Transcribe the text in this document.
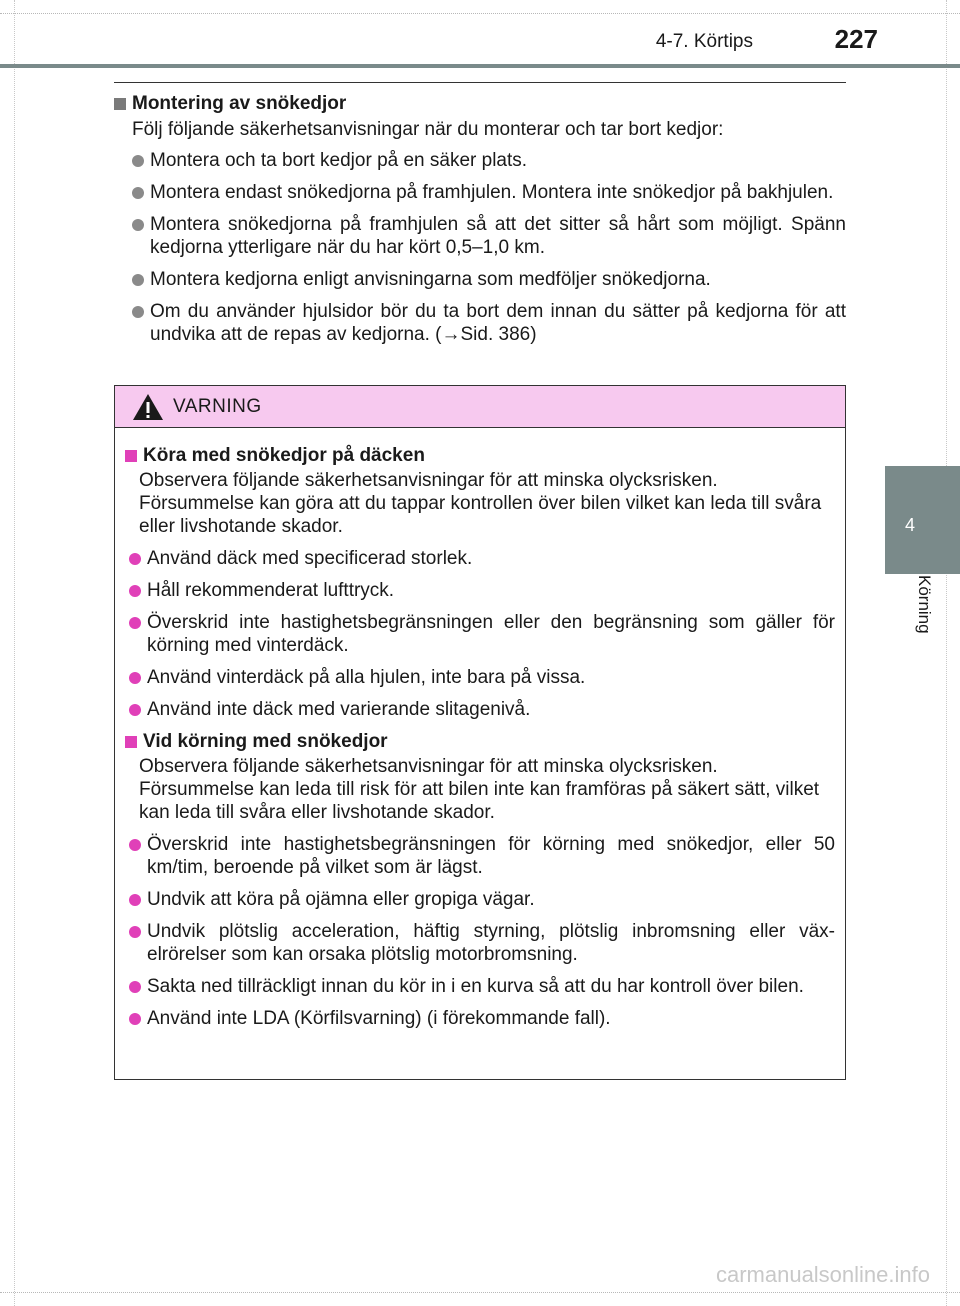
4-7. Körtips	227
4
Körning
Montering av snökedjor
Följ följande säkerhetsanvisningar när du monterar och tar bort kedjor:
Montera och ta bort kedjor på en säker plats.
Montera endast snökedjorna på framhjulen. Montera inte snökedjor på bakhjulen.
Montera snökedjorna på framhjulen så att det sitter så hårt som möjligt. Spänn kedjorna ytterligare när du har kört 0,5–1,0 km.
Montera kedjorna enligt anvisningarna som medföljer snökedjorna.
Om du använder hjulsidor bör du ta bort dem innan du sätter på kedjorna för att undvika att de repas av kedjorna. (→Sid. 386)
VARNING
Köra med snökedjor på däcken
Observera följande säkerhetsanvisningar för att minska olycksrisken. Försummelse kan göra att du tappar kontrollen över bilen vilket kan leda till svåra eller livshotande skador.
Använd däck med specificerad storlek.
Håll rekommenderat lufttryck.
Överskrid inte hastighetsbegränsningen eller den begränsning som gäller för körning med vinterdäck.
Använd vinterdäck på alla hjulen, inte bara på vissa.
Använd inte däck med varierande slitagenivå.
Vid körning med snökedjor
Observera följande säkerhetsanvisningar för att minska olycksrisken. Försummelse kan leda till risk för att bilen inte kan framföras på säkert sätt, vilket kan leda till svåra eller livshotande skador.
Överskrid inte hastighetsbegränsningen för körning med snökedjor, eller 50 km/tim, beroende på vilket som är lägst.
Undvik att köra på ojämna eller gropiga vägar.
Undvik plötslig acceleration, häftig styrning, plötslig inbromsning eller väx-elrörelser som kan orsaka plötslig motorbromsning.
Sakta ned tillräckligt innan du kör in i en kurva så att du har kontroll över bilen.
Använd inte LDA (Körfilsvarning) (i förekommande fall).
carmanualsonline.info
